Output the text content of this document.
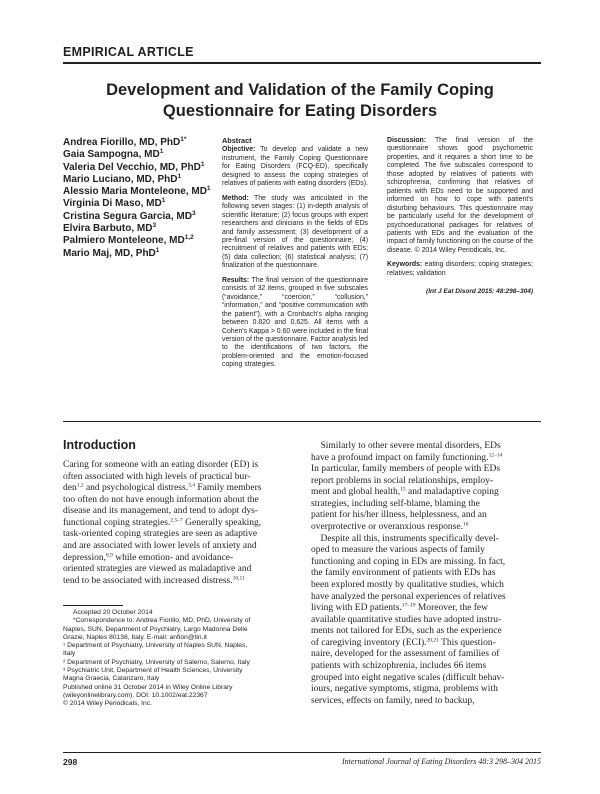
EMPIRICAL ARTICLE
Development and Validation of the Family Coping
Questionnaire for Eating Disorders
Andrea Fiorillo, MD, PhD$^{1*}$
Gaia Sampogna, $MD^1$
Valeria Del Vecchio, MD, PhD$^1$
Mario Luciano, MD, PhD$^1$
Alessio Maria Monteleone, $MD^1$
Virginia Di Maso, $MD^1$
Cristina Segura Garcia, $MD^3$
Elvira Barbuto, $MD^3$
Palmiero Monteleone, MD$^{1,2}$
Mario Maj, MD, PhD$^1$
Abstract

Objective: To develop and validate a new instrument, the Family Coping Questionnaire for Eating Disorders (FCQ-ED), specifically designed to assess the coping strategies of relatives of patients with eating disorders (EDs).

Method: The study was articulated in the following seven stages: (1) in-depth analysis of scientific literature; (2) focus groups with expert researchers and clinicians in the fields of EDs and family assessment; (3) development of a pre-final version of the questionnaire; (4) recruitment of relatives and patients with EDs; (5) data collection; (6) statistical analysis; (7) finalization of the questionnaire.

Results: The final version of the questionnaire consists of 32 items, grouped in five subscales (“avoidance,” “coercion,” “collusion,” “information,” and “positive communication with the patient”), with a Cronbach's alpha ranging between 0.820 and 0.625. All items with a Cohen's Kappa > 0.60 were included in the final version of the questionnaire. Factor analysis led to the identifications of two factors, the problem-oriented and the emotion-focused coping strategies.

Discussion: The final version of the questionnaire shows good psychometric properties, and it requires a short time to be completed. The five subscales correspond to those adopted by relatives of patients with schizophrenia, confirming that relatives of patients with EDs need to be supported and informed on how to cope with patient's disturbing behaviours. This questionnaire may be particularly useful for the development of psychoeducational packages for relatives of patients with EDs and the evaluation of the impact of family functioning on the course of the disease. © 2014 Wiley Periodicals, Inc.

Keywords: eating disorders; coping strategies; relatives; validation

(Int J Eat Disord 2015; 48:298–304)
Introduction
Caring for someone with an eating disorder (ED) is
often associated with high levels of practical bur-
den$^{1,2}$ and psychological distress.$^{3,4}$ Family members
too often do not have enough information about the
disease and its management, and tend to adopt dys-
functional coping strategies.$^{2,5-7}$ Generally speaking,
task-oriented coping strategies are seen as adaptive
and are associated with lower levels of anxiety and
depression,$^{8,9}$ while emotion- and avoidance-
oriented strategies are viewed as maladaptive and
tend to be associated with increased distress.$^{10,11}$
Similarly to other severe mental disorders, EDs
have a profound impact on family functioning.$^{12-14}$
In particular, family members of people with EDs
report problems in social relationships, employ-
ment and global health,$^{15}$ and maladaptive coping
strategies, including self-blame, blaming the
patient for his/her illness, helplessness, and an
overprotective or overanxious response.$^{16}$
Despite all this, instruments specifically devel-
oped to measure the various aspects of family
functioning and coping in EDs are missing. In fact,
the family environment of patients with EDs has
been explored mostly by qualitative studies, which
have analyzed the personal experiences of relatives
living with ED patients.$^{17-19}$ Moreover, the few
available quantitative studies have adopted instru-
ments not tailored for EDs, such as the experience
of caregiving inventory (ECI).$^{20,21}$ This question-
naire, developed for the assessment of families of
patients with schizophrenia, includes 66 items
grouped into eight negative scales (difficult behav-
iours, negative symptoms, stigma, problems with
services, effects on family, need to backup,
Accepted 20 October 2014
*Correspondence to: Andrea Fiorillo, MD, PhD, University of
Naples, SUN, Department of Psychiatry, Largo Madonna Delle
Grazie, Naples 80138, Italy. E-mail: anfiori@tin.it
¹ Department of Psychiatry, University of Naples SUN, Naples,
Italy
² Department of Psychiatry, University of Salerno, Salerno, Italy
³ Psychiatric Unit, Department of Health Sciences, University
Magna Graecia, Catanzaro, Italy
Published online 31 October 2014 in Wiley Online Library
(wileyonlinelibrary.com). DOI: 10.1002/eat.22367
© 2014 Wiley Periodicals, Inc.
298	International Journal of Eating Disorders 48:3 298–304 2015
